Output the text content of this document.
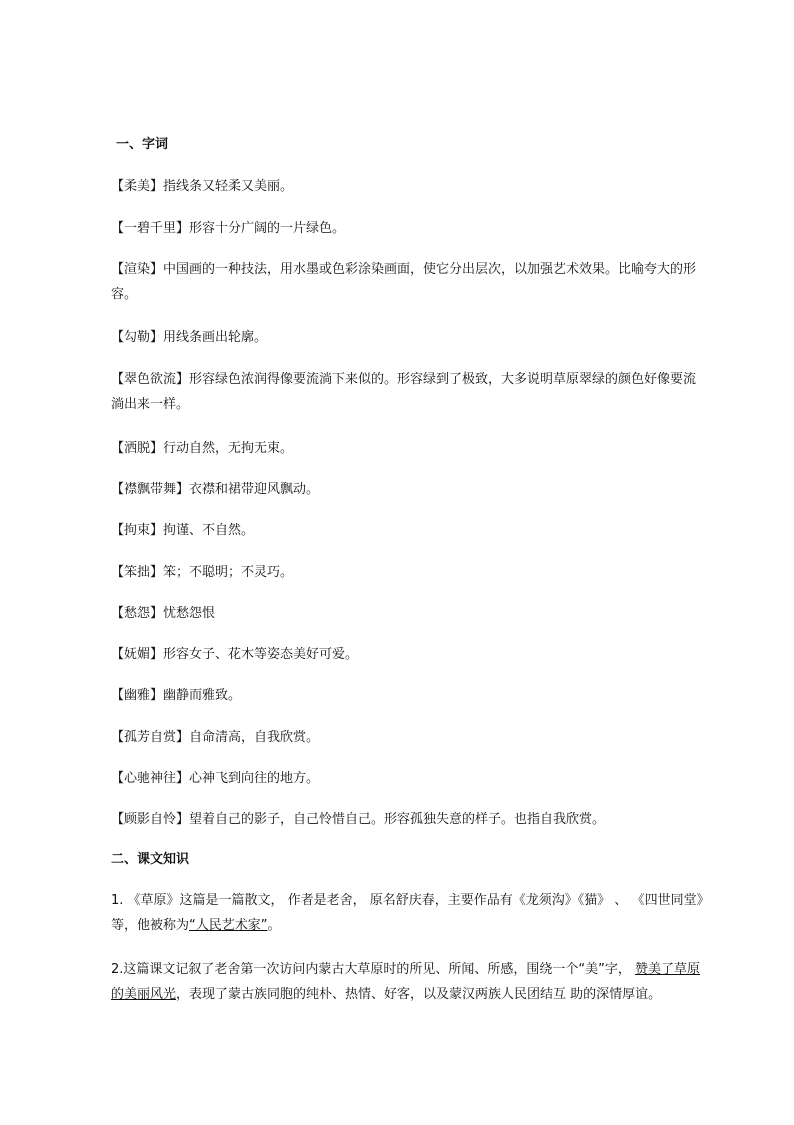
一、字词
【柔美】指线条又轻柔又美丽。
【一碧千里】形容十分广阔的一片绿色。
【渲染】中国画的一种技法，用水墨或色彩涂染画面，使它分出层次，以加强艺术效果。比喻夸大的形容。
【勾勒】用线条画出轮廓。
【翠色欲流】形容绿色浓润得像要流淌下来似的。形容绿到了极致，大多说明草原翠绿的颜色好像要流淌出来一样。
【洒脱】行动自然，无拘无束。
【襟飘带舞】衣襟和裙带迎风飘动。
【拘束】拘谨、不自然。
【笨拙】笨；不聪明；不灵巧。
【愁怨】忧愁怨恨
【妩媚】形容女子、花木等姿态美好可爱。
【幽雅】幽静而雅致。
【孤芳自赏】自命清高，自我欣赏。
【心驰神往】心神飞到向往的地方。
【顾影自怜】望着自己的影子，自己怜惜自己。形容孤独失意的样子。也指自我欣赏。
二、课文知识
1. 《草原》这篇是一篇散文， 作者是老舍， 原名舒庆春，主要作品有《龙须沟》《猫》 、 《四世同堂》等，他被称为“人民艺术家”。
2.这篇课文记叙了老舍第一次访问内蒙古大草原时的所见、所闻、所感，围绕一个“美”字， 赞美了草原的美丽风光，表现了蒙古族同胞的纯朴、热情、好客，以及蒙汉两族人民团结互 助的深情厚谊。
